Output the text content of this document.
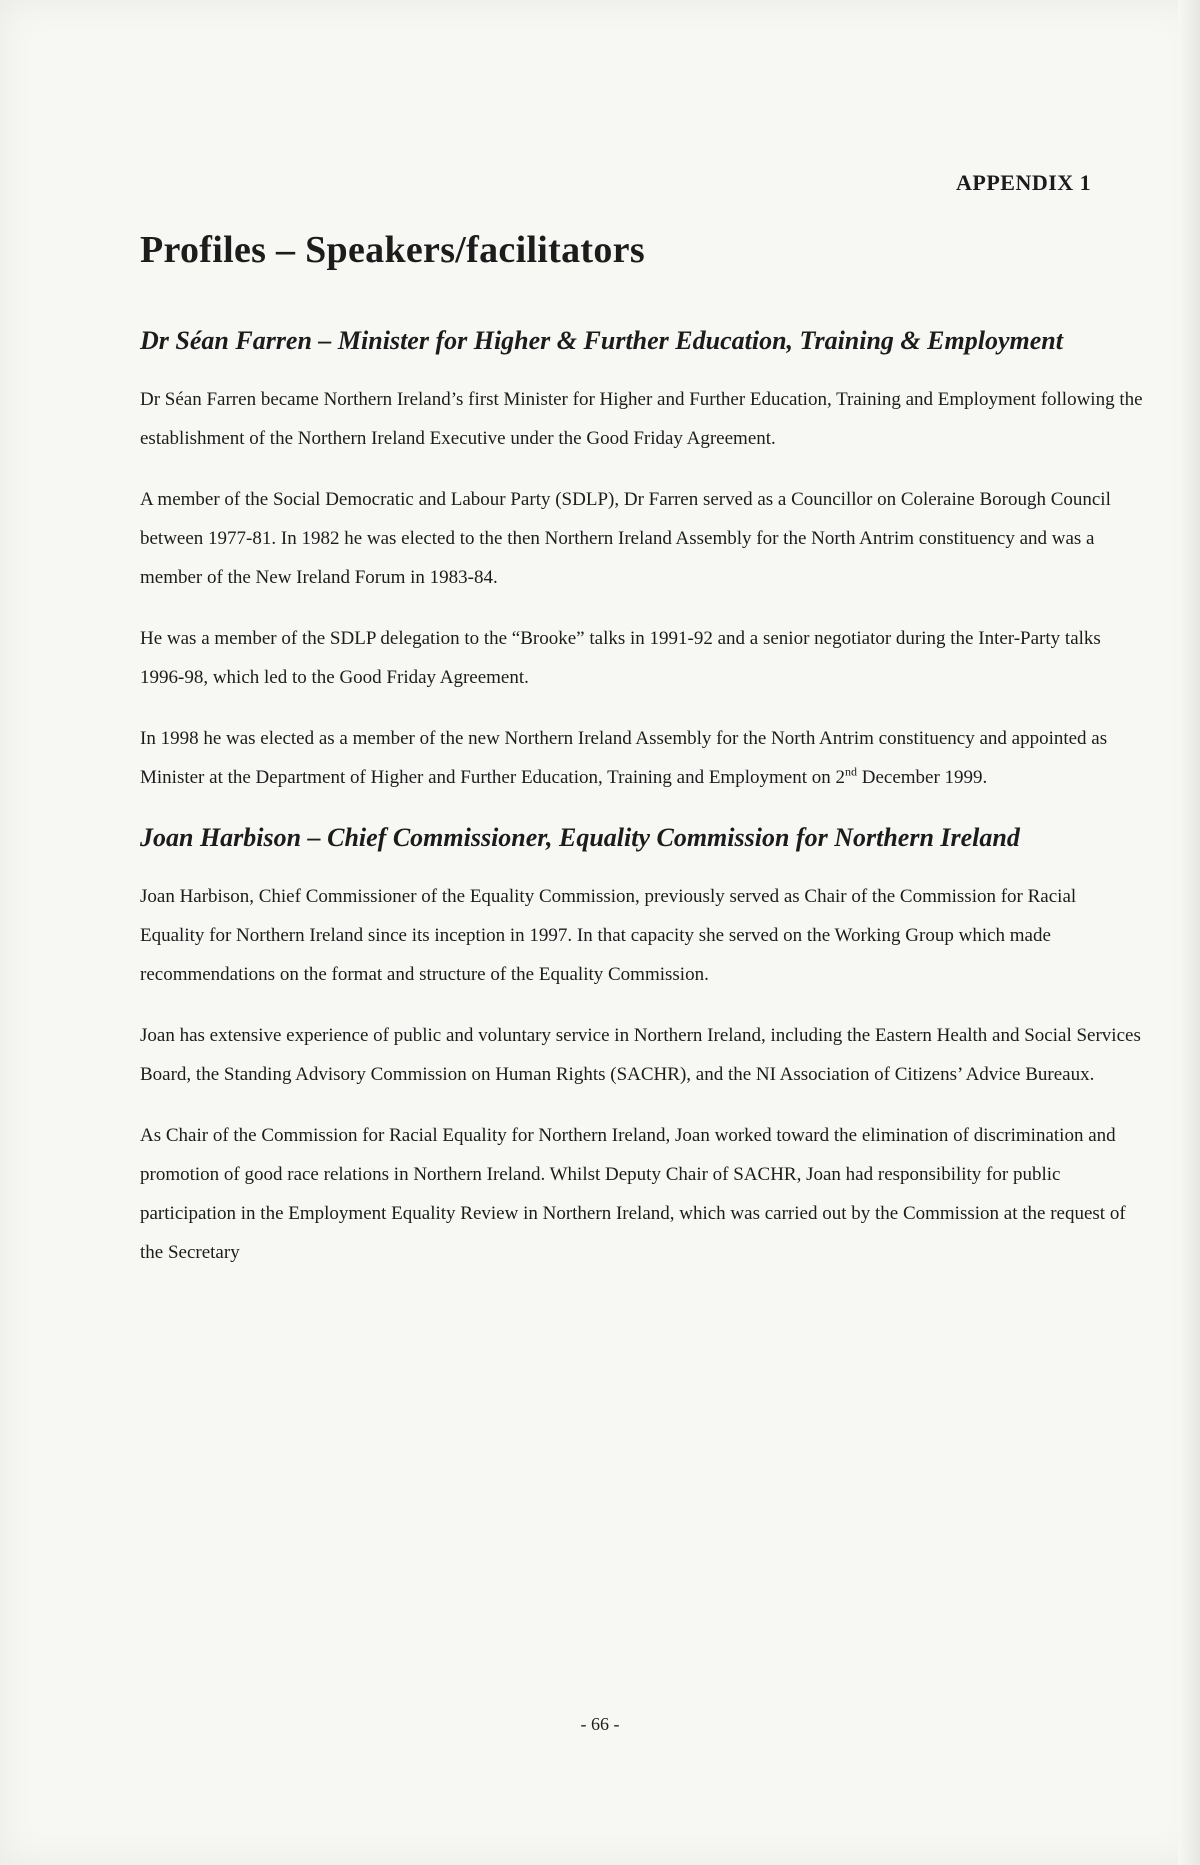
APPENDIX 1
Profiles – Speakers/facilitators
Dr Séan Farren – Minister for Higher & Further Education, Training & Employment

Dr Séan Farren became Northern Ireland’s first Minister for Higher and Further Education, Training and Employment following the establishment of the Northern Ireland Executive under the Good Friday Agreement.

A member of the Social Democratic and Labour Party (SDLP), Dr Farren served as a Councillor on Coleraine Borough Council between 1977-81. In 1982 he was elected to the then Northern Ireland Assembly for the North Antrim constituency and was a member of the New Ireland Forum in 1983-84.

He was a member of the SDLP delegation to the “Brooke” talks in 1991-92 and a senior negotiator during the Inter-Party talks 1996-98, which led to the Good Friday Agreement.

In 1998 he was elected as a member of the new Northern Ireland Assembly for the North Antrim constituency and appointed as Minister at the Department of Higher and Further Education, Training and Employment on 2nd December 1999.

Joan Harbison – Chief Commissioner, Equality Commission for Northern Ireland

Joan Harbison, Chief Commissioner of the Equality Commission, previously served as Chair of the Commission for Racial Equality for Northern Ireland since its inception in 1997. In that capacity she served on the Working Group which made recommendations on the format and structure of the Equality Commission.

Joan has extensive experience of public and voluntary service in Northern Ireland, including the Eastern Health and Social Services Board, the Standing Advisory Commission on Human Rights (SACHR), and the NI Association of Citizens’ Advice Bureaux.

As Chair of the Commission for Racial Equality for Northern Ireland, Joan worked toward the elimination of discrimination and promotion of good race relations in Northern Ireland. Whilst Deputy Chair of SACHR, Joan had responsibility for public participation in the Employment Equality Review in Northern Ireland, which was carried out by the Commission at the request of the Secretary

- 66 -
